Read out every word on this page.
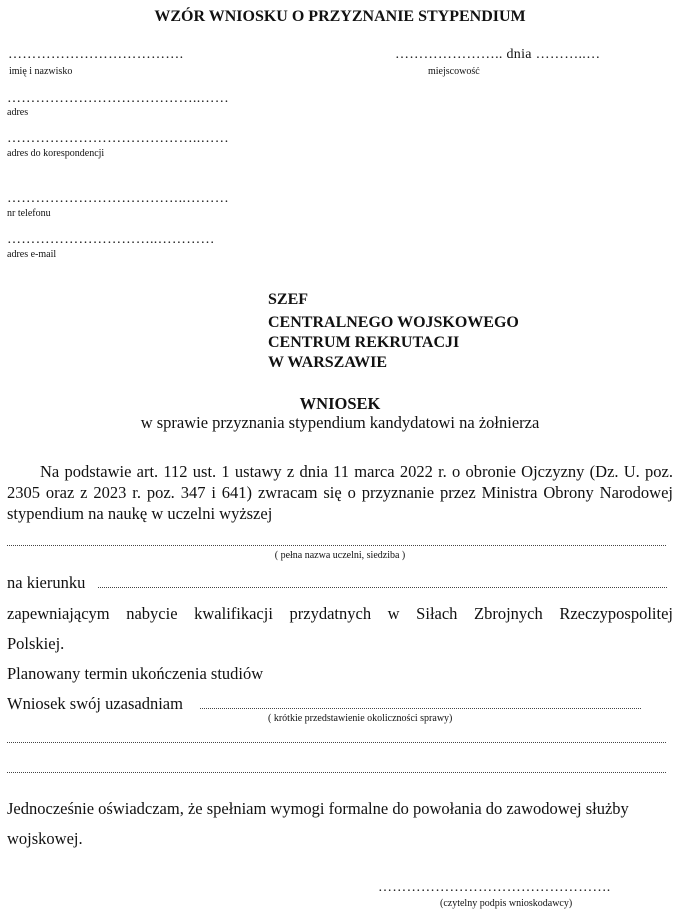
WZÓR WNIOSKU O PRZYZNANIE STYPENDIUM
……………………………….
imię i nazwisko
………………….. dnia ………..…
miejscowość
…………………………………..……
adres
…………………………………..……
adres do korespondencji
………………………………..………
nr telefonu
…………………………..…………
adres e-mail
SZEF
CENTRALNEGO WOJSKOWEGO
CENTRUM REKRUTACJI
W WARSZAWIE
WNIOSEK
w sprawie przyznania stypendium kandydatowi na żołnierza
Na podstawie art. 112 ust. 1 ustawy z dnia 11 marca 2022 r. o obronie Ojczyzny (Dz. U. poz. 2305 oraz z 2023 r. poz. 347 i 641) zwracam się o przyznanie przez Ministra Obrony Narodowej stypendium na naukę w uczelni wyższej
( pełna nazwa uczelni, siedziba )
na kierunku
zapewniającym nabycie kwalifikacji przydatnych w Siłach Zbrojnych Rzeczypospolitej
Polskiej.
Planowany termin ukończenia studiów
Wniosek swój uzasadniam
( krótkie przedstawienie okoliczności sprawy)
Jednocześnie oświadczam, że spełniam wymogi formalne do powołania do zawodowej służby
wojskowej.
………………………………………….
(czytelny podpis wnioskodawcy)
